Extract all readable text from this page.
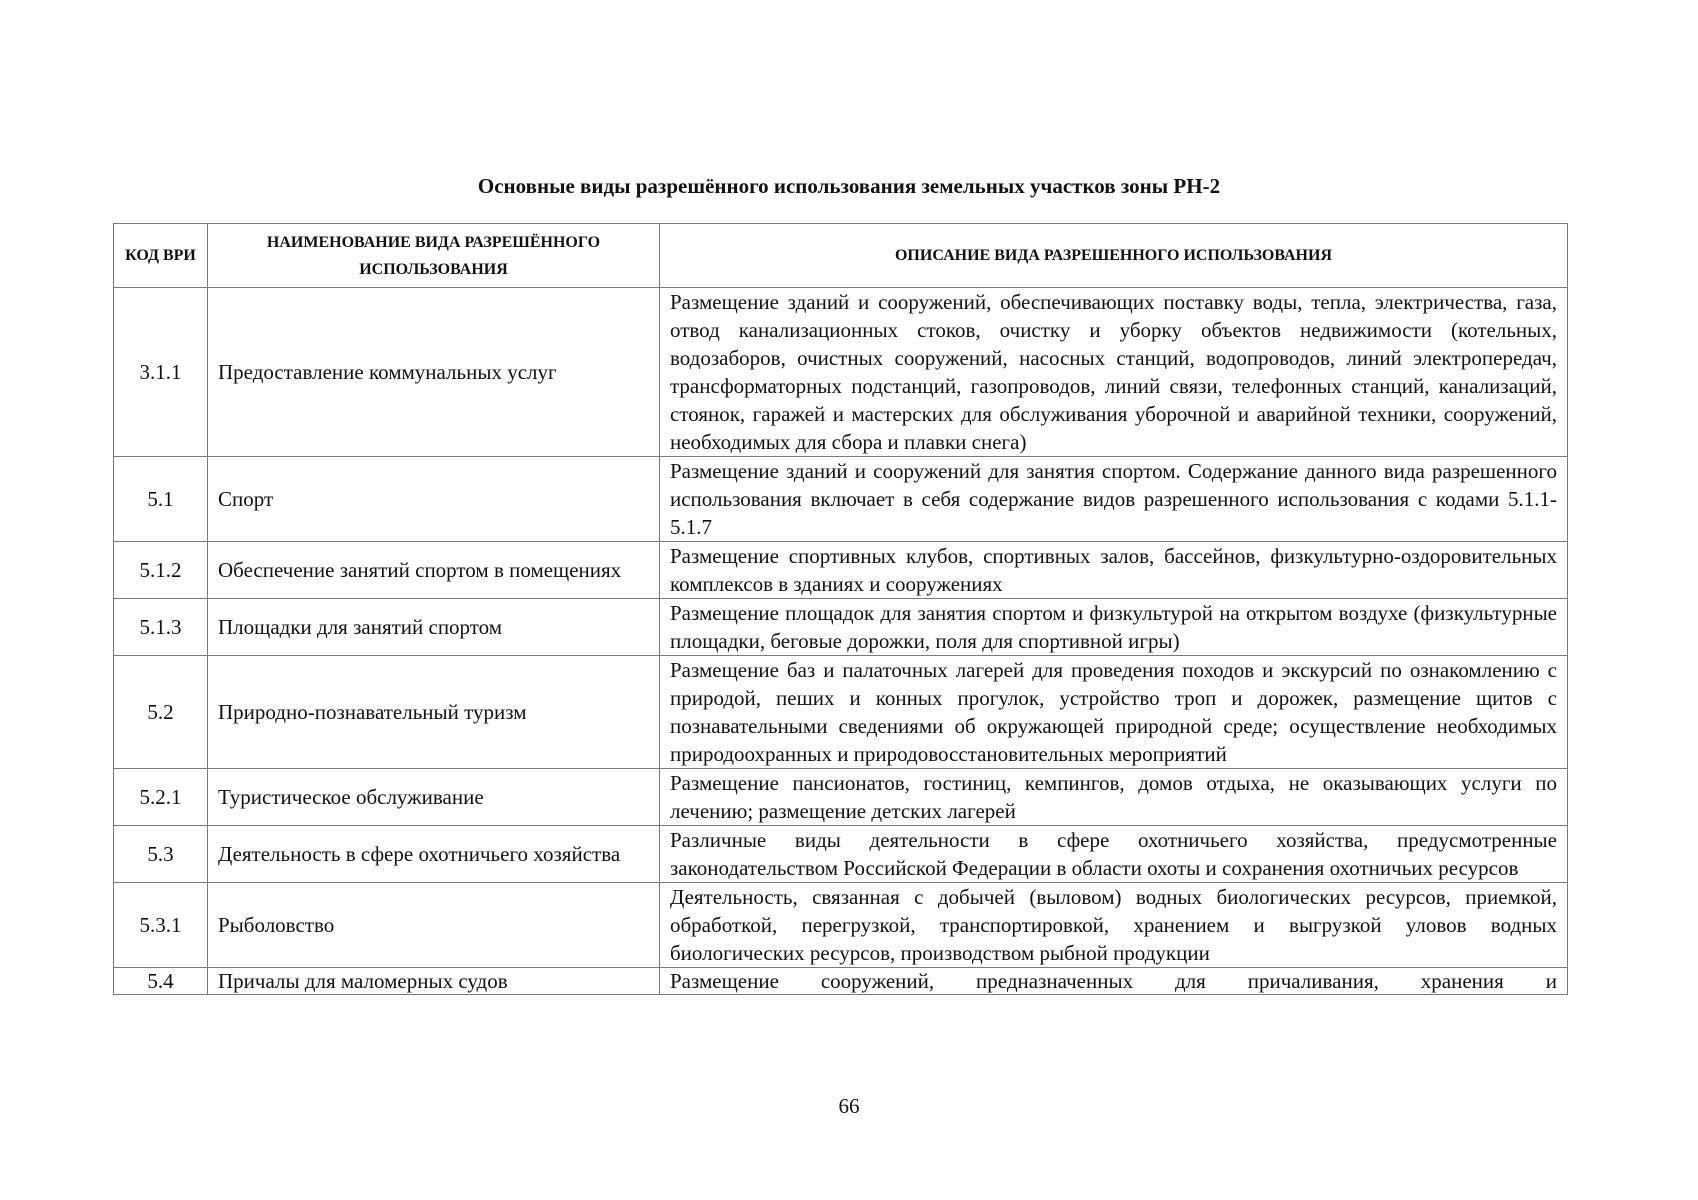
Основные виды разрешённого использования земельных участков зоны РН-2
КОД ВРИ	НАИМЕНОВАНИЕ ВИДА РАЗРЕШЁННОГО ИСПОЛЬЗОВАНИЯ	ОПИСАНИЕ ВИДА РАЗРЕШЕННОГО ИСПОЛЬЗОВАНИЯ
3.1.1	Предоставление коммунальных услуг	Размещение зданий и сооружений, обеспечивающих поставку воды, тепла, электричества, газа, отвод канализационных стоков, очистку и уборку объектов недвижимости (котельных, водозаборов, очистных сооружений, насосных станций, водопроводов, линий электропередач, трансформаторных подстанций, газопроводов, линий связи, телефонных станций, канализаций, стоянок, гаражей и мастерских для обслуживания уборочной и аварийной техники, сооружений, необходимых для сбора и плавки снега)
5.1	Спорт	Размещение зданий и сооружений для занятия спортом. Содержание данного вида разрешенного использования включает в себя содержание видов разрешенного использования с кодами 5.1.1-5.1.7
5.1.2	Обеспечение занятий спортом в помещениях	Размещение спортивных клубов, спортивных залов, бассейнов, физкультурно-оздоровительных комплексов в зданиях и сооружениях
5.1.3	Площадки для занятий спортом	Размещение площадок для занятия спортом и физкультурой на открытом воздухе (физкультурные площадки, беговые дорожки, поля для спортивной игры)
5.2	Природно-познавательный туризм	Размещение баз и палаточных лагерей для проведения походов и экскурсий по ознакомлению с природой, пеших и конных прогулок, устройство троп и дорожек, размещение щитов с познавательными сведениями об окружающей природной среде; осуществление необходимых природоохранных и природовосстановительных мероприятий
5.2.1	Туристическое обслуживание	Размещение пансионатов, гостиниц, кемпингов, домов отдыха, не оказывающих услуги по лечению; размещение детских лагерей
5.3	Деятельность в сфере охотничьего хозяйства	Различные виды деятельности в сфере охотничьего хозяйства, предусмотренные законодательством Российской Федерации в области охоты и сохранения охотничьих ресурсов
5.3.1	Рыболовство	Деятельность, связанная с добычей (выловом) водных биологических ресурсов, приемкой, обработкой, перегрузкой, транспортировкой, хранением и выгрузкой уловов водных биологических ресурсов, производством рыбной продукции
5.4	Причалы для маломерных судов	Размещение сооружений, предназначенных для причаливания, хранения и
66
